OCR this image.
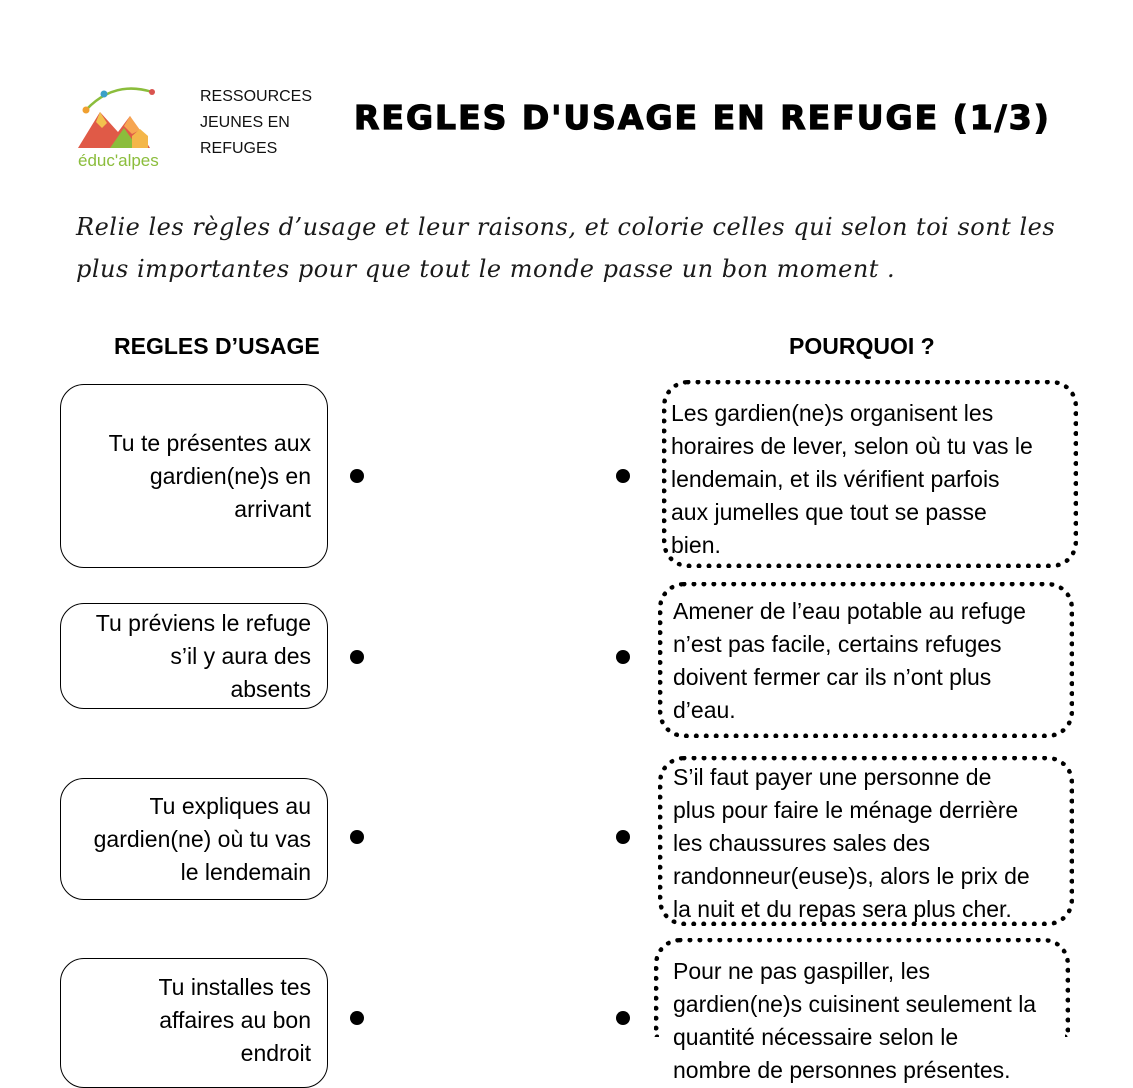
éduc'alpes
RESSOURCES
JEUNES EN
REFUGES
REGLES D'USAGE EN REFUGE (1/3)
Relie les règles d’usage et leur raisons, et colorie celles qui selon toi sont les plus importantes pour que tout le monde passe un bon moment .
REGLES D’USAGE	POURQUOI ?
Tu te présentes aux
gardien(ne)s en
arrivant
Tu préviens le refuge
s’il y aura des
absents
Tu expliques au
gardien(ne) où tu vas
le lendemain
Tu installes tes
affaires au bon
endroit
Les gardien(ne)s organisent les
horaires de lever, selon où tu vas le
lendemain, et ils vérifient parfois
aux jumelles que tout se passe
bien.
Amener de l’eau potable au refuge
n’est pas facile, certains refuges
doivent fermer car ils n’ont plus
d’eau.
S’il faut payer une personne de
plus pour faire le ménage derrière
les chaussures sales des
randonneur(euse)s, alors le prix de
la nuit et du repas sera plus cher.
Pour ne pas gaspiller, les
gardien(ne)s cuisinent seulement la
quantité nécessaire selon le
nombre de personnes présentes.
